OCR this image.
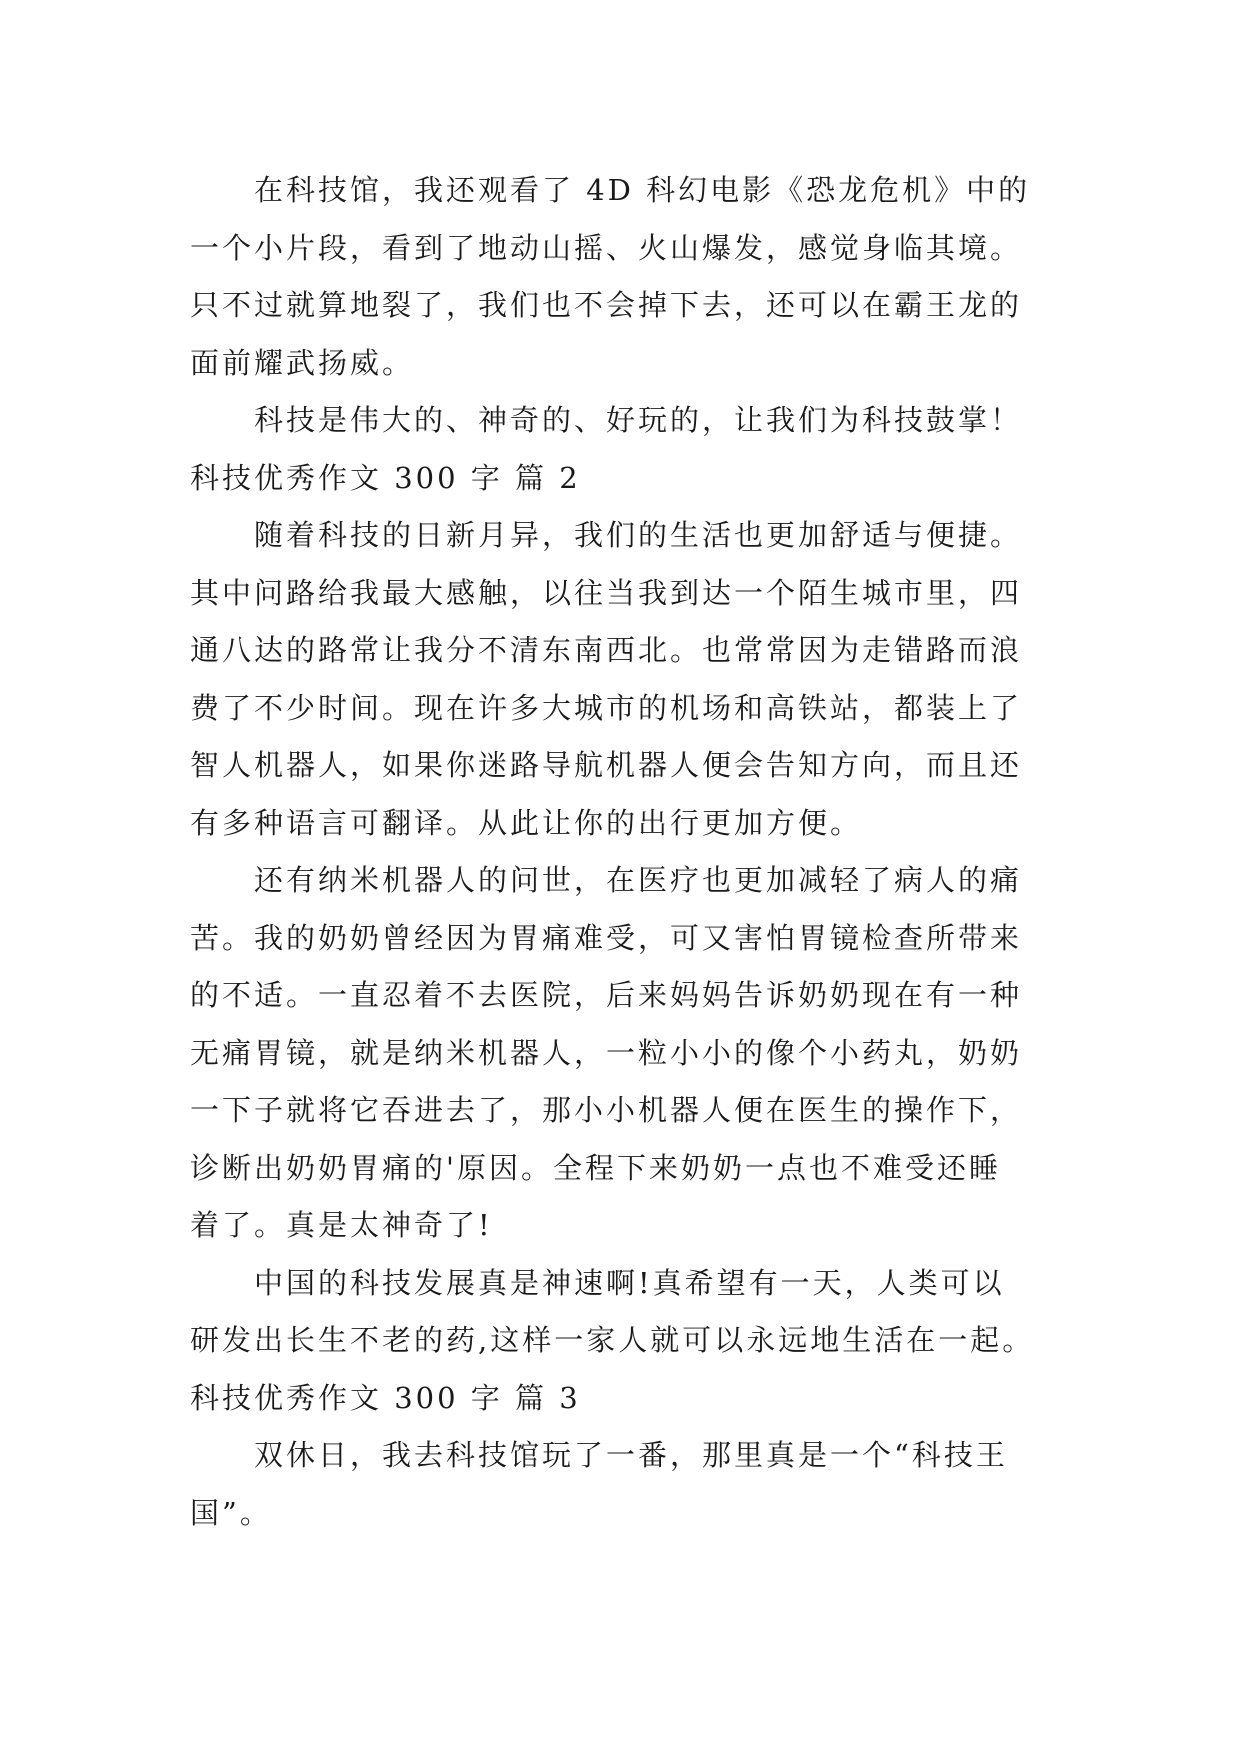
在科技馆，我还观看了 4D 科幻电影《恐龙危机》中的
一个小片段，看到了地动山摇、火山爆发，感觉身临其境。
只不过就算地裂了，我们也不会掉下去，还可以在霸王龙的
面前耀武扬威。
科技是伟大的、神奇的、好玩的，让我们为科技鼓掌！
科技优秀作文 300 字 篇 2
随着科技的日新月异，我们的生活也更加舒适与便捷。
其中问路给我最大感触，以往当我到达一个陌生城市里，四
通八达的路常让我分不清东南西北。也常常因为走错路而浪
费了不少时间。现在许多大城市的机场和高铁站，都装上了
智人机器人，如果你迷路导航机器人便会告知方向，而且还
有多种语言可翻译。从此让你的出行更加方便。
还有纳米机器人的问世，在医疗也更加减轻了病人的痛
苦。我的奶奶曾经因为胃痛难受，可又害怕胃镜检查所带来
的不适。一直忍着不去医院，后来妈妈告诉奶奶现在有一种
无痛胃镜，就是纳米机器人，一粒小小的像个小药丸，奶奶
一下子就将它吞进去了，那小小机器人便在医生的操作下，
诊断出奶奶胃痛的'原因。全程下来奶奶一点也不难受还睡
着了。真是太神奇了!
中国的科技发展真是神速啊!真希望有一天，人类可以
研发出长生不老的药,这样一家人就可以永远地生活在一起。
科技优秀作文 300 字 篇 3
双休日，我去科技馆玩了一番，那里真是一个“科技王
国”。
